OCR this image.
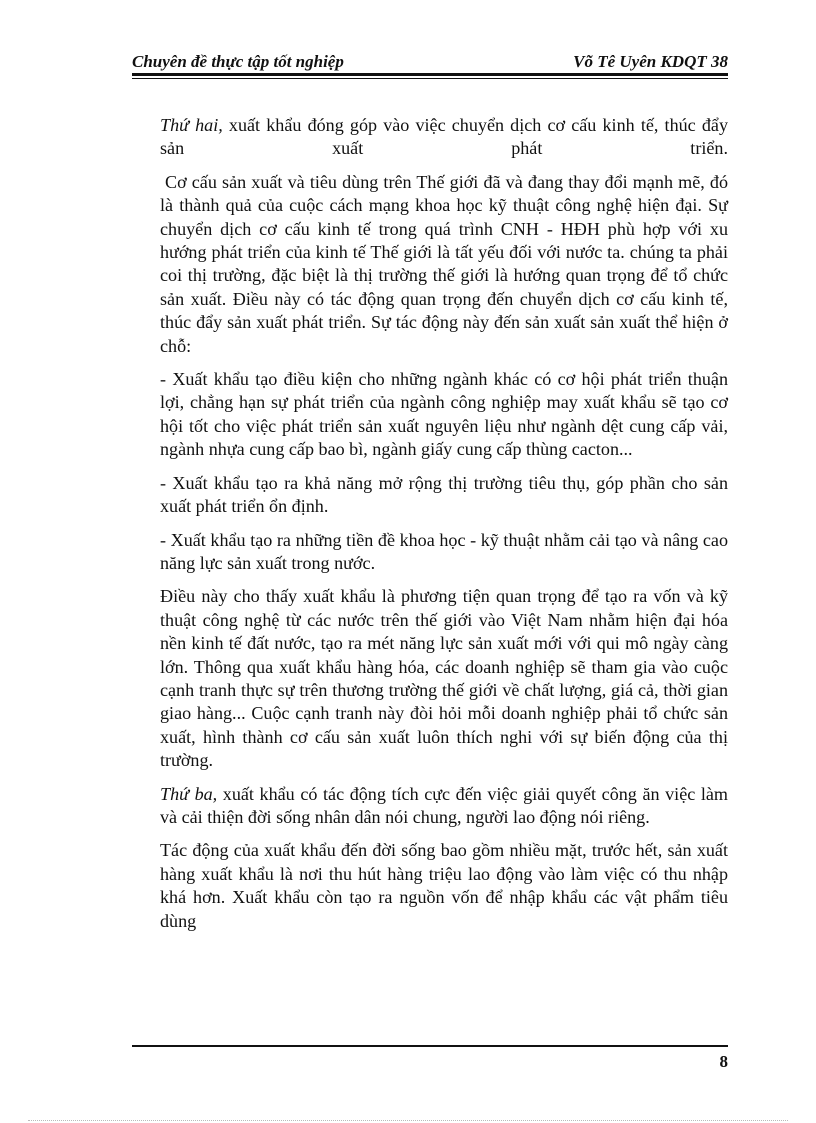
Chuyên đề thực tập tốt nghiệp	Võ Tê Uyên KDQT 38

Thứ hai, xuất khẩu đóng góp vào việc chuyển dịch cơ cấu kinh tế, thúc đẩy sản xuất phát triển.

Cơ cấu sản xuất và tiêu dùng trên Thế giới đã và đang thay đổi mạnh mẽ, đó là thành quả của cuộc cách mạng khoa học kỹ thuật công nghệ hiện đại. Sự chuyển dịch cơ cấu kinh tế trong quá trình CNH - HĐH phù hợp với xu hướng phát triển của kinh tế Thế giới là tất yếu đối với nước ta. chúng ta phải coi thị trường, đặc biệt là thị trường thế giới là hướng quan trọng để tổ chức sản xuất. Điều này có tác động quan trọng đến chuyển dịch cơ cấu kinh tế, thúc đẩy sản xuất phát triển. Sự tác động này đến sản xuất sản xuất thể hiện ở chỗ:

- Xuất khẩu tạo điều kiện cho những ngành khác có cơ hội phát triển thuận lợi, chẳng hạn sự phát triển của ngành công nghiệp may xuất khẩu sẽ tạo cơ hội tốt cho việc phát triển sản xuất nguyên liệu như ngành dệt cung cấp vải, ngành nhựa cung cấp bao bì, ngành giấy cung cấp thùng cacton...

- Xuất khẩu tạo ra khả năng mở rộng thị trường tiêu thụ, góp phần cho sản xuất phát triển ổn định.

- Xuất khẩu tạo ra những tiền đề khoa học - kỹ thuật nhằm cải tạo và nâng cao năng lực sản xuất trong nước.

Điều này cho thấy xuất khẩu là phương tiện quan trọng để tạo ra vốn và kỹ thuật công nghệ từ các nước trên thế giới vào Việt Nam nhằm hiện đại hóa nền kinh tế đất nước, tạo ra mét năng lực sản xuất mới với qui mô ngày càng lớn. Thông qua xuất khẩu hàng hóa, các doanh nghiệp sẽ tham gia vào cuộc cạnh tranh thực sự trên thương trường thế giới về chất lượng, giá cả, thời gian giao hàng... Cuộc cạnh tranh này đòi hỏi mỗi doanh nghiệp phải tổ chức sản xuất, hình thành cơ cấu sản xuất luôn thích nghi với sự biến động của thị trường.

Thứ ba, xuất khẩu có tác động tích cực đến việc giải quyết công ăn việc làm và cải thiện đời sống nhân dân nói chung, người lao động nói riêng.

Tác động của xuất khẩu đến đời sống bao gồm nhiều mặt, trước hết, sản xuất hàng xuất khẩu là nơi thu hút hàng triệu lao động vào làm việc có thu nhập khá hơn. Xuất khẩu còn tạo ra nguồn vốn để nhập khẩu các vật phẩm tiêu dùng

8
